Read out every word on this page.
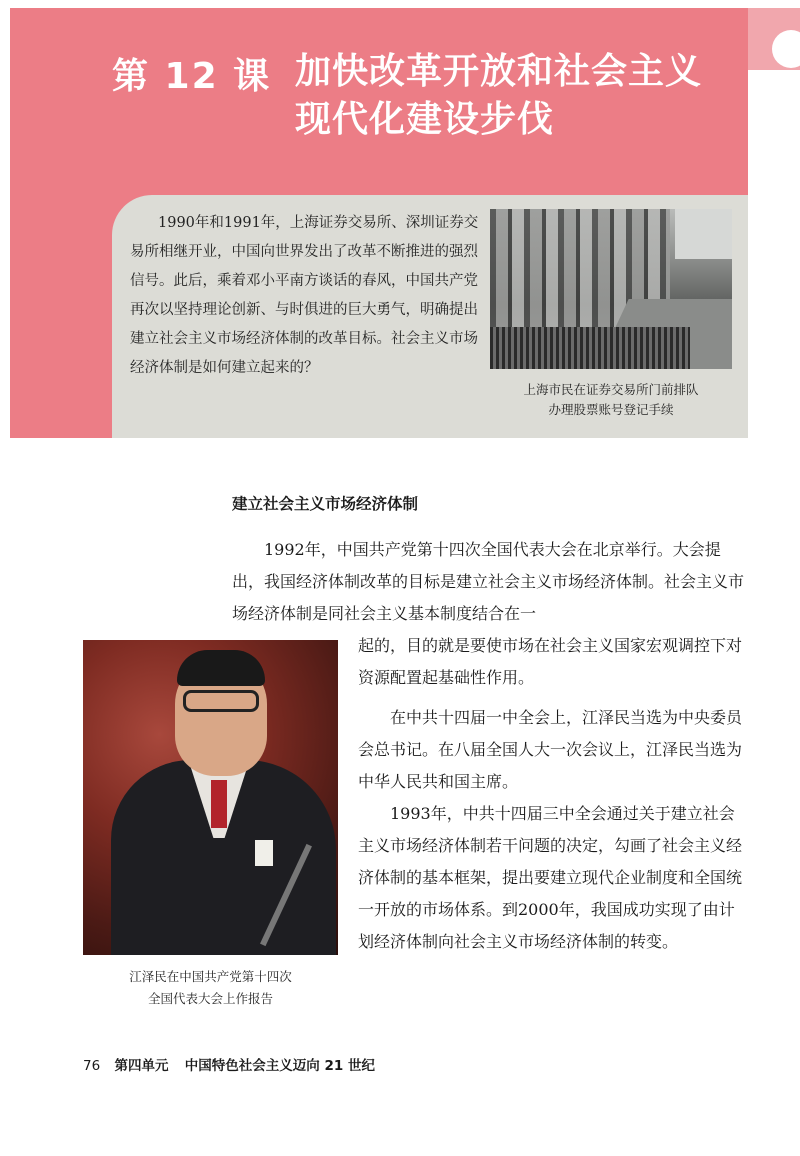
第 12 课 加快改革开放和社会主义
现代化建设步伐
1990年和1991年，上海证券交易所、深圳证券交易所相继开业，中国向世界发出了改革不断推进的强烈信号。此后，乘着邓小平南方谈话的春风，中国共产党再次以坚持理论创新、与时俱进的巨大勇气，明确提出建立社会主义市场经济体制的改革目标。社会主义市场经济体制是如何建立起来的？
上海市民在证券交易所门前排队
办理股票账号登记手续
建立社会主义市场经济体制
1992年，中国共产党第十四次全国代表大会在北京举行。大会提出，我国经济体制改革的目标是建立社会主义市场经济体制。社会主义市场经济体制是同社会主义基本制度结合在一
起的，目的就是要使市场在社会主义国家宏观调控下对资源配置起基础性作用。
在中共十四届一中全会上，江泽民当选为中央委员会总书记。在八届全国人大一次会议上，江泽民当选为中华人民共和国主席。
1993年，中共十四届三中全会通过关于建立社会主义市场经济体制若干问题的决定，勾画了社会主义经济体制的基本框架，提出要建立现代企业制度和全国统一开放的市场体系。到2000年，我国成功实现了由计划经济体制向社会主义市场经济体制的转变。
江泽民在中国共产党第十四次
全国代表大会上作报告
76 第四单元 中国特色社会主义迈向 21 世纪
